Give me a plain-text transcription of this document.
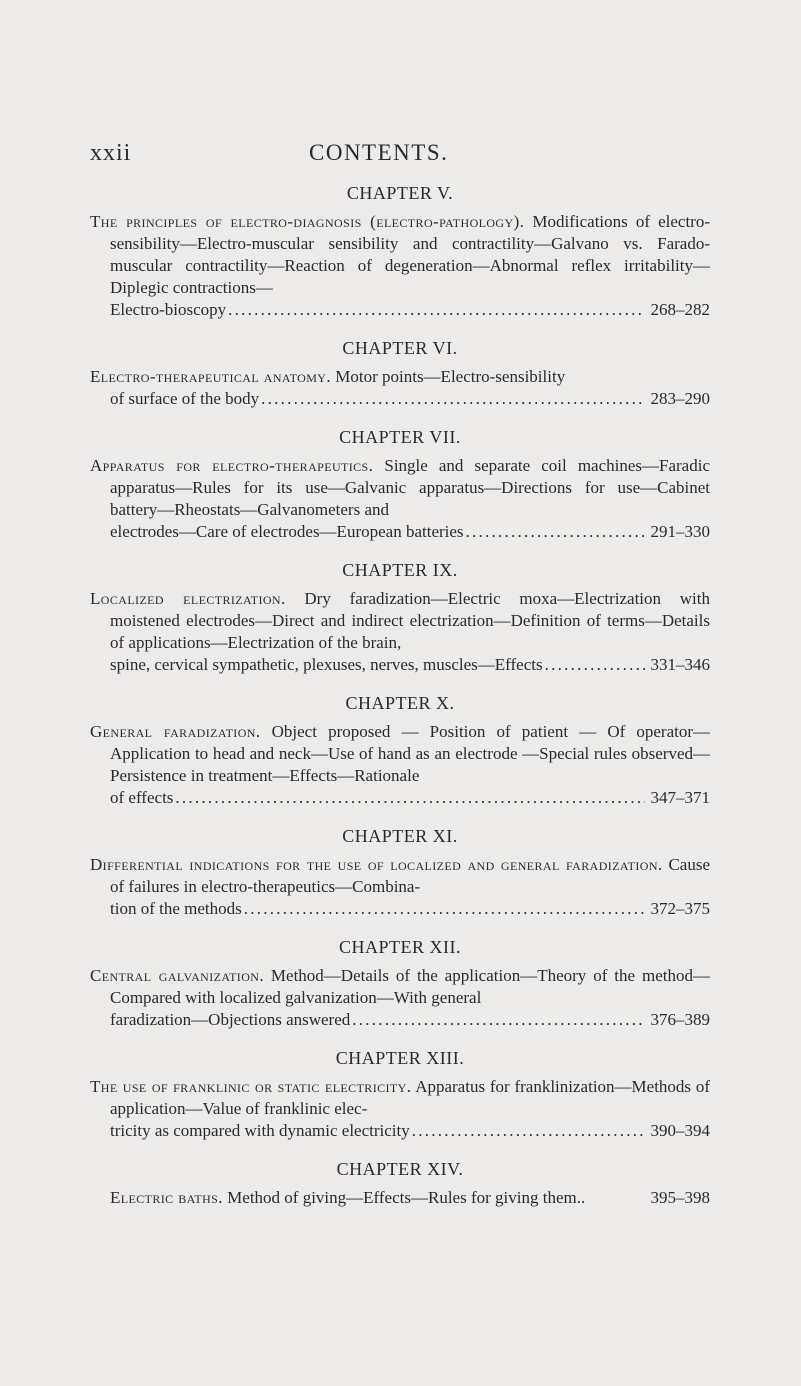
xxii	CONTENTS.
CHAPTER V.
The principles of electro-diagnosis (electro-pathology). Modifications of electro-sensibility—Electro-muscular sensibility and contractility—Galvano vs. Farado-muscular contractility—Reaction of degeneration—Abnormal reflex irritability—Diplegic contractions—
Electro-bioscopy . . .	268–282
CHAPTER VI.
Electro-therapeutical anatomy. Motor points—Electro-sensibility
of surface of the body . . .	283–290
CHAPTER VII.
Apparatus for electro-therapeutics. Single and separate coil machines—Faradic apparatus—Rules for its use—Galvanic apparatus—Directions for use—Cabinet battery—Rheostats—Galvanometers and
electrodes—Care of electrodes—European batteries . . .	291–330
CHAPTER IX.
Localized electrization. Dry faradization—Electric moxa—Electrization with moistened electrodes—Direct and indirect electrization—Definition of terms—Details of applications—Electrization of the brain,
spine, cervical sympathetic, plexuses, nerves, muscles—Effects . . .	331–346
CHAPTER X.
General faradization. Object proposed — Position of patient — Of operator—Application to head and neck—Use of hand as an electrode —Special rules observed—Persistence in treatment—Effects—Rationale
of effects . . .	347–371
CHAPTER XI.
Differential indications for the use of localized and general faradization. Cause of failures in electro-therapeutics—Combina-
tion of the methods . . .	372–375
CHAPTER XII.
Central galvanization. Method—Details of the application—Theory of the method—Compared with localized galvanization—With general
faradization—Objections answered . . .	376–389
CHAPTER XIII.
The use of franklinic or static electricity. Apparatus for franklinization—Methods of application—Value of franklinic elec-
tricity as compared with dynamic electricity . . .	390–394
CHAPTER XIV.
Electric baths. Method of giving—Effects—Rules for giving them..	395–398
